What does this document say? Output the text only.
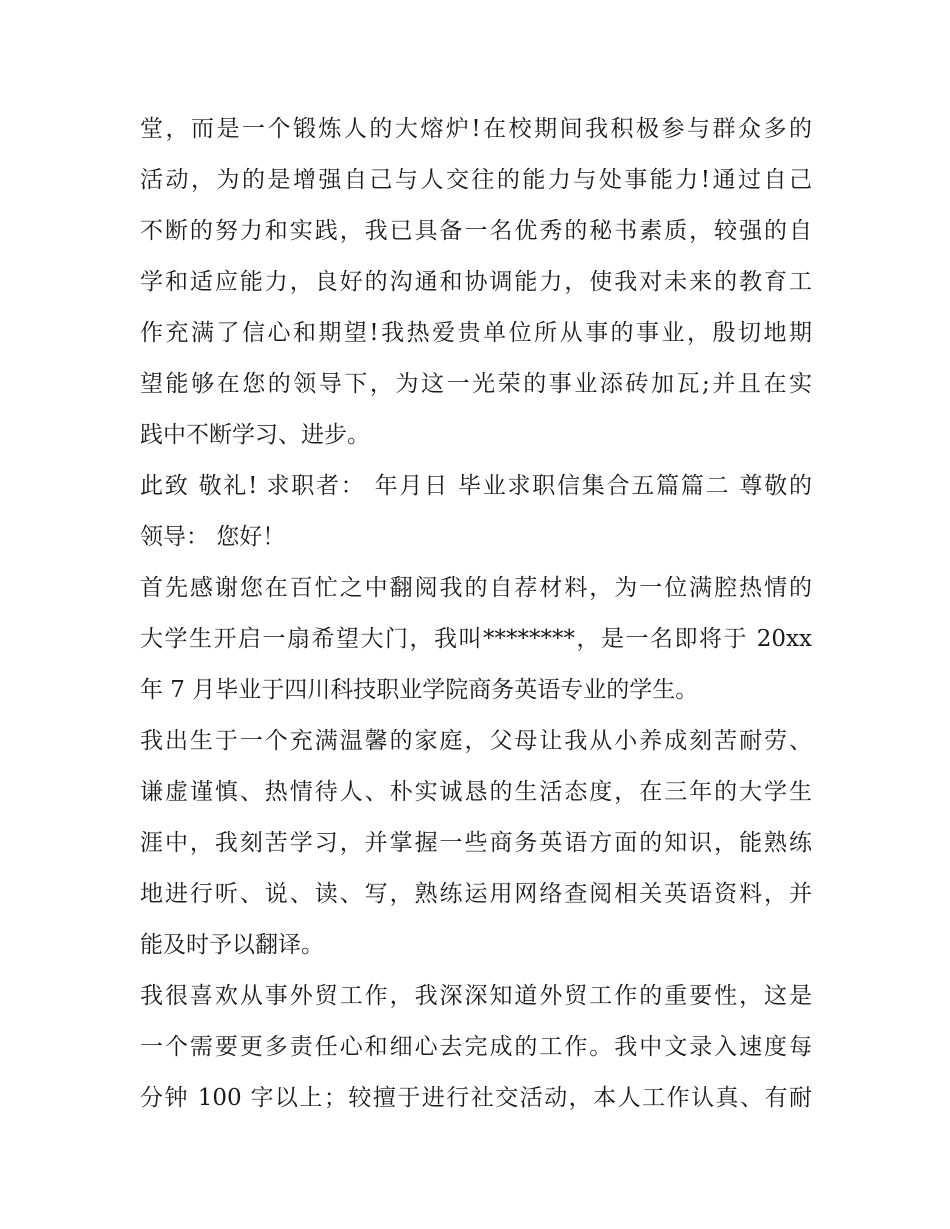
堂，而是一个锻炼人的大熔炉!在校期间我积极参与群众多的
活动，为的是增强自己与人交往的能力与处事能力!通过自己
不断的努力和实践，我已具备一名优秀的秘书素质，较强的自
学和适应能力，良好的沟通和协调能力，使我对未来的教育工
作充满了信心和期望!我热爱贵单位所从事的事业，殷切地期
望能够在您的领导下，为这一光荣的事业添砖加瓦;并且在实
践中不断学习、进步。
此致 敬礼! 求职者： 年月日 毕业求职信集合五篇篇二 尊敬的
领导： 您好！
首先感谢您在百忙之中翻阅我的自荐材料，为一位满腔热情的
大学生开启一扇希望大门，我叫********，是一名即将于 20xx
年 7 月毕业于四川科技职业学院商务英语专业的学生。
我出生于一个充满温馨的家庭，父母让我从小养成刻苦耐劳、
谦虚谨慎、热情待人、朴实诚恳的生活态度，在三年的大学生
涯中，我刻苦学习，并掌握一些商务英语方面的知识，能熟练
地进行听、说、读、写，熟练运用网络查阅相关英语资料，并
能及时予以翻译。
我很喜欢从事外贸工作，我深深知道外贸工作的重要性，这是
一个需要更多责任心和细心去完成的工作。我中文录入速度每
分钟 100 字以上；较擅于进行社交活动，本人工作认真、有耐
